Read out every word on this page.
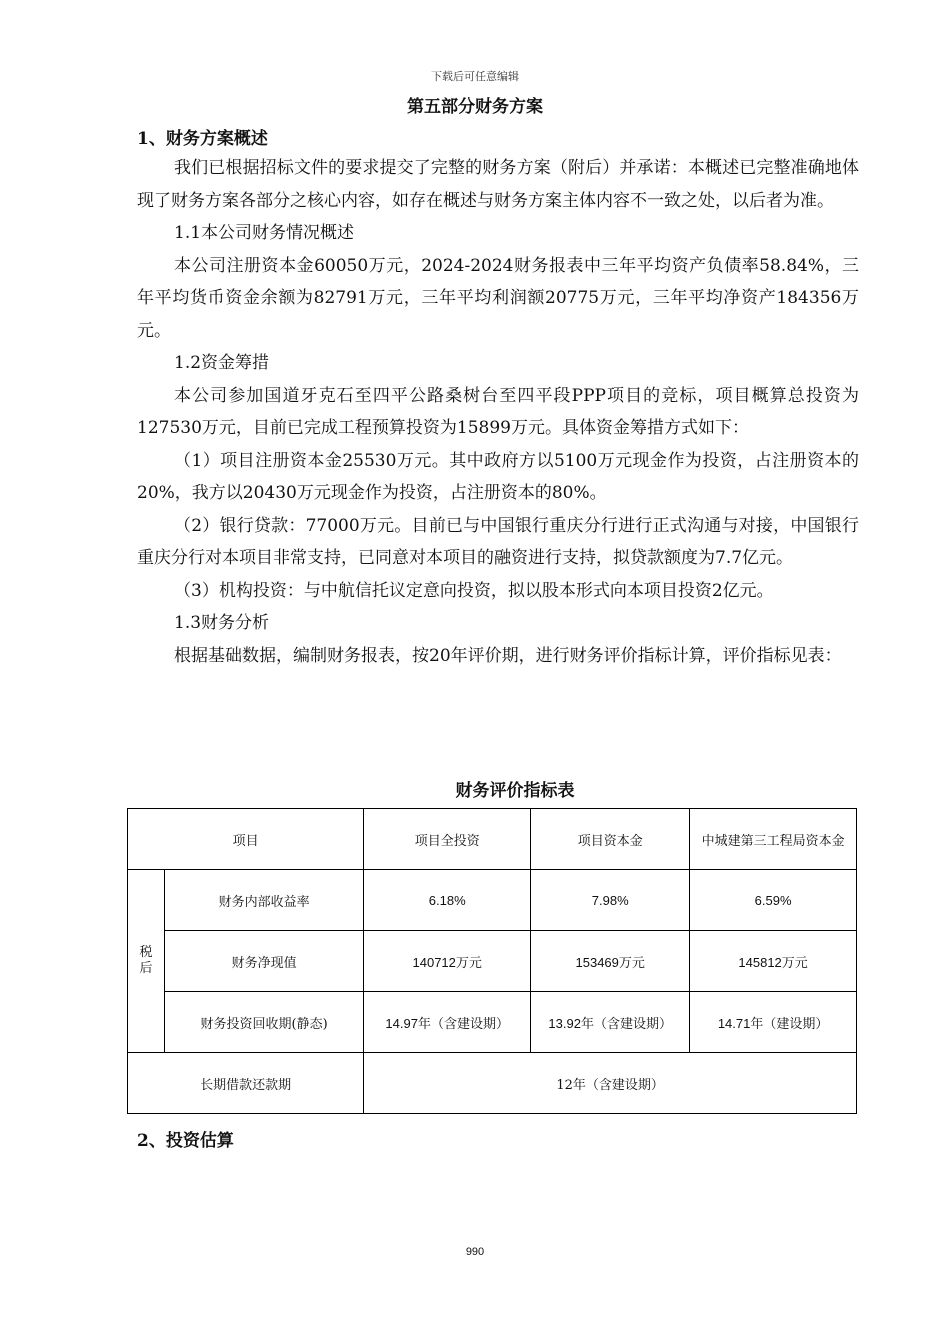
下载后可任意编辑
第五部分财务方案
1、财务方案概述

我们已根据招标文件的要求提交了完整的财务方案（附后）并承诺：本概述已完整准确地体现了财务方案各部分之核心内容，如存在概述与财务方案主体内容不一致之处，以后者为准。

1.1本公司财务情况概述

本公司注册资本金60050万元，2024-2024财务报表中三年平均资产负债率58.84%，三年平均货币资金余额为82791万元，三年平均利润额20775万元，三年平均净资产184356万元。

1.2资金筹措

本公司参加国道牙克石至四平公路桑树台至四平段PPP项目的竞标，项目概算总投资为127530万元，目前已完成工程预算投资为15899万元。具体资金筹措方式如下：

（1）项目注册资本金25530万元。其中政府方以5100万元现金作为投资，占注册资本的20%，我方以20430万元现金作为投资，占注册资本的80%。

（2）银行贷款：77000万元。目前已与中国银行重庆分行进行正式沟通与对接，中国银行重庆分行对本项目非常支持，已同意对本项目的融资进行支持，拟贷款额度为7.7亿元。

（3）机构投资：与中航信托议定意向投资，拟以股本形式向本项目投资2亿元。

1.3财务分析

根据基础数据，编制财务报表，按20年评价期，进行财务评价指标计算，评价指标见表：

财务评价指标表
项目		项目全投资	项目资本金	中城建第三工程局资本金
税后	财务内部收益率	6.18%	7.98%	6.59%
	财务净现值	140712万元	153469万元	145812万元
	财务投资回收期(静态)	14.97年（含建设期）	13.92年（含建设期）	14.71年（建设期）
长期借款还款期		12年（含建设期）		
2、投资估算
990
